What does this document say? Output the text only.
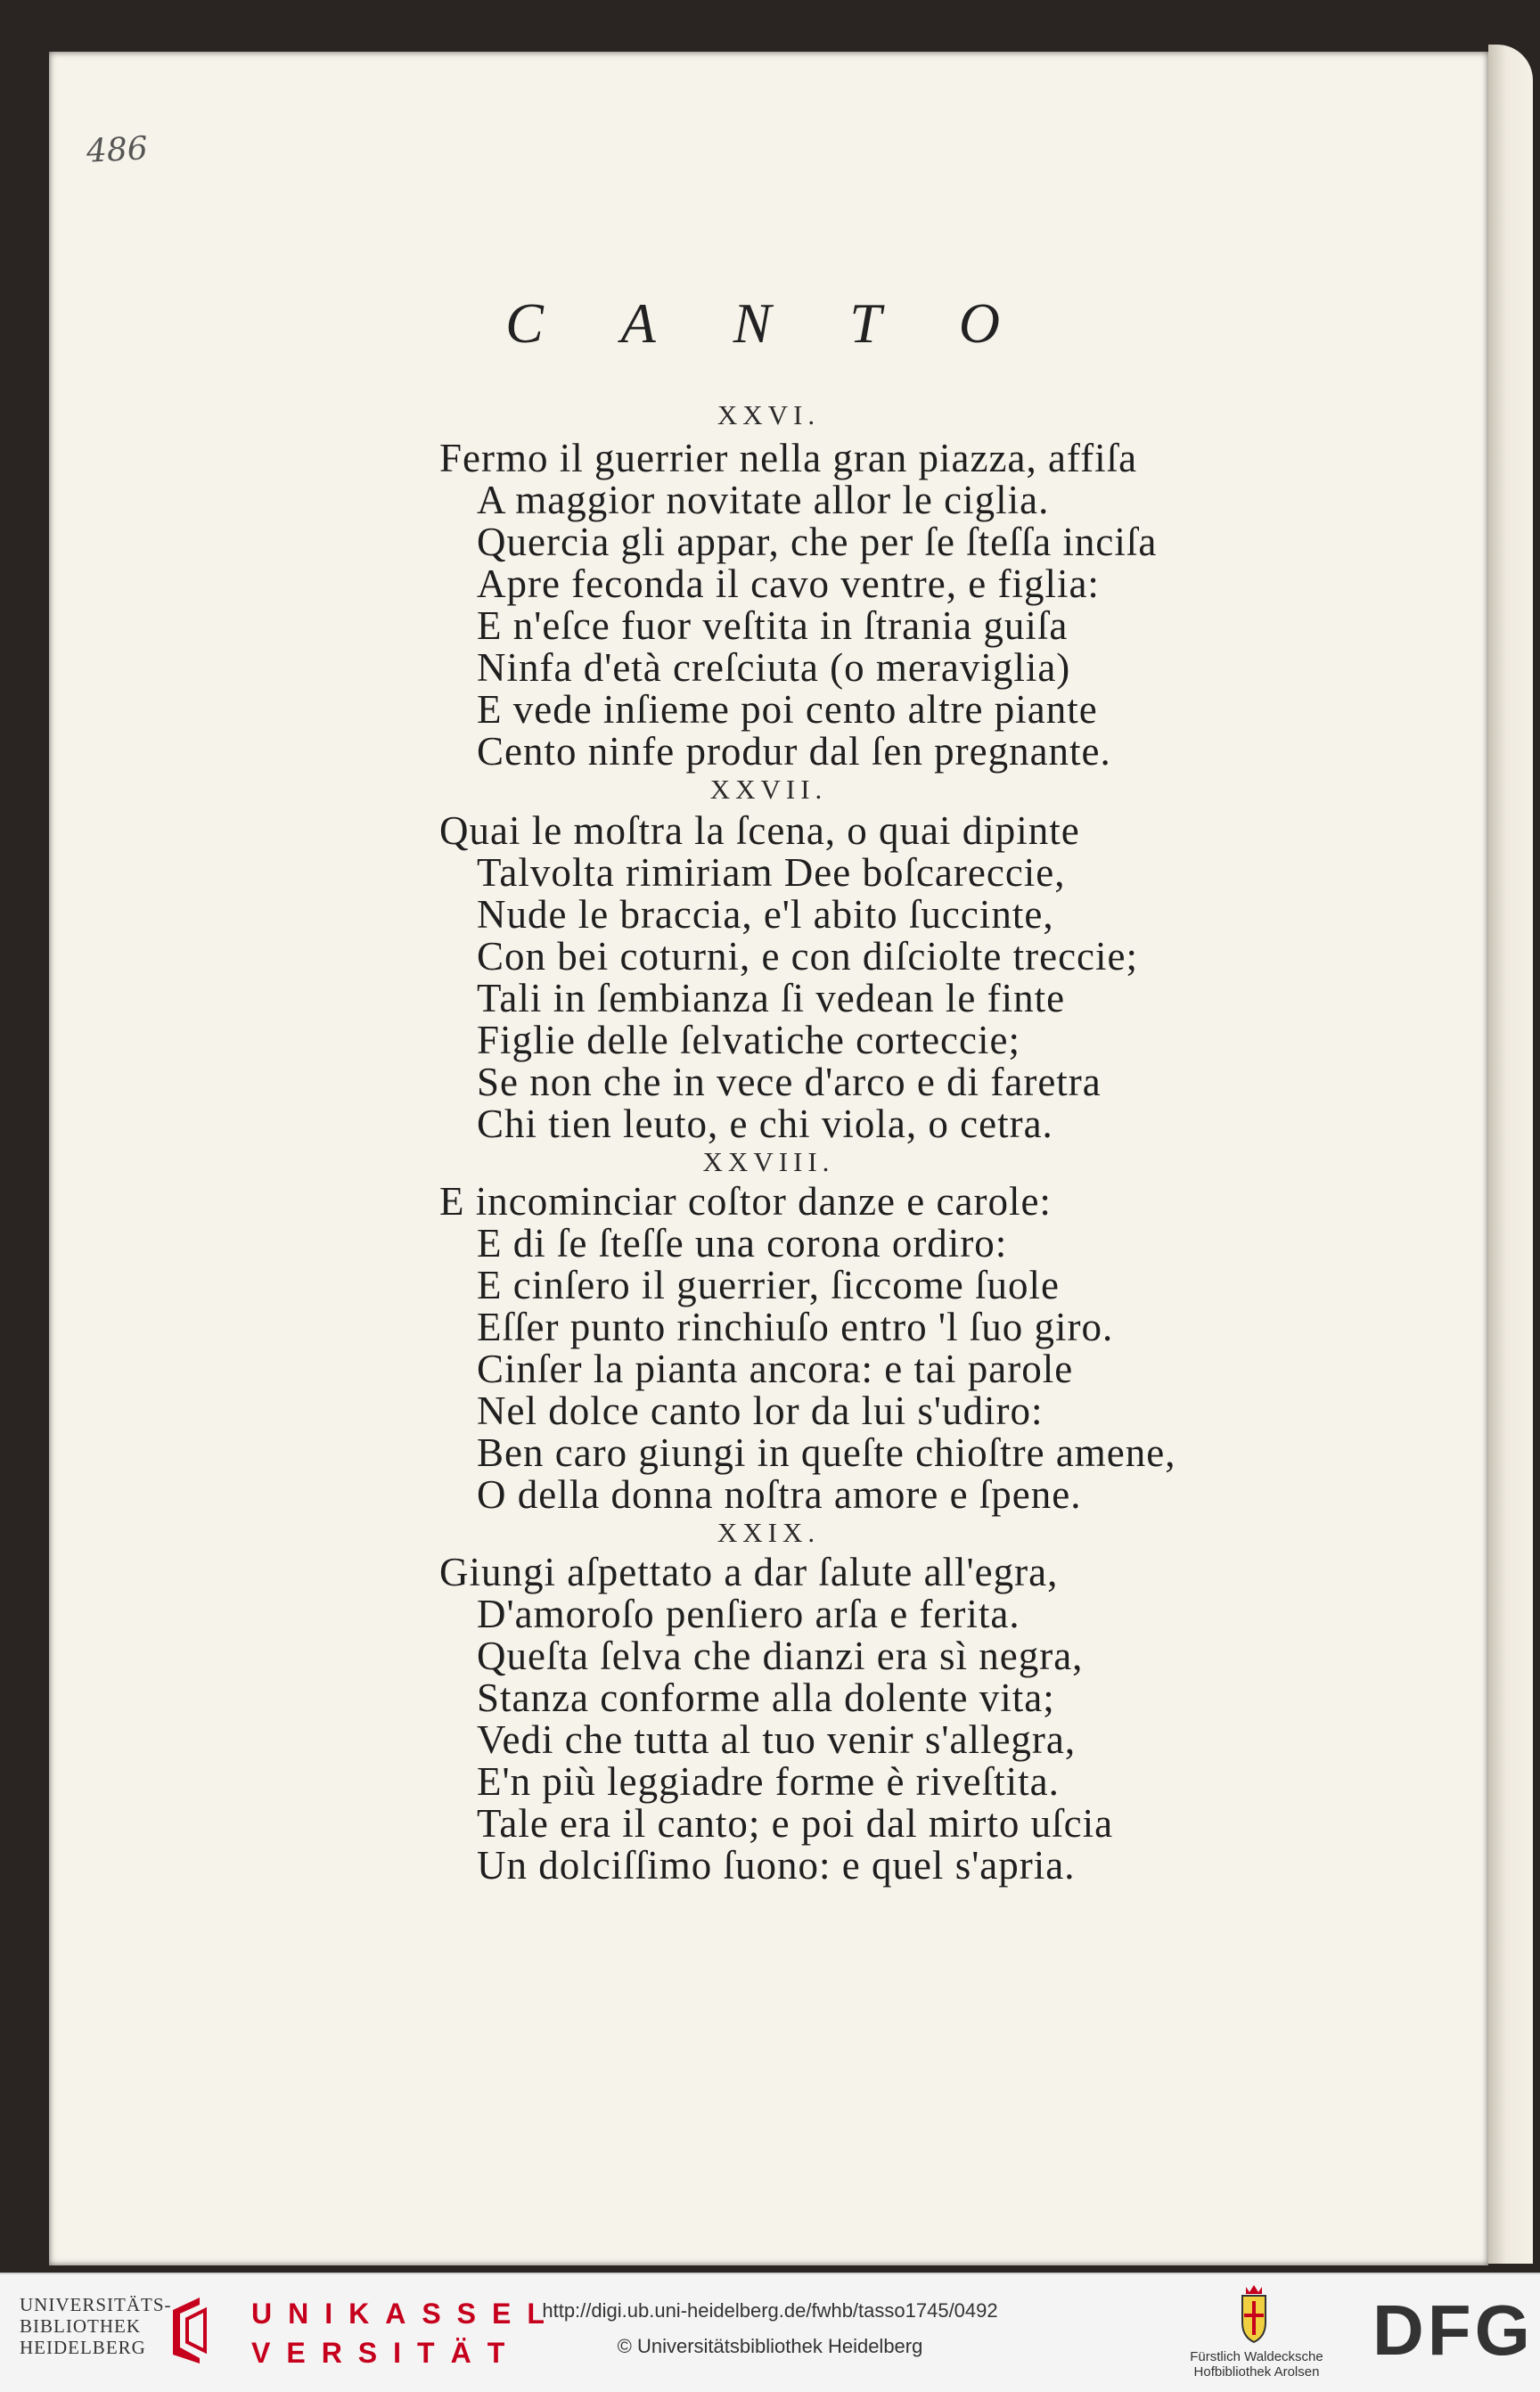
486
C A N T O
XXVI.
Fermo il guerrier nella gran piazza, affiſa
A maggior novitate allor le ciglia.
Quercia gli appar, che per ſe ſteſſa inciſa
Apre feconda il cavo ventre, e figlia:
E n'eſce fuor veſtita in ſtrania guiſa
Ninfa d'età creſciuta (o meraviglia)
E vede inſieme poi cento altre piante
Cento ninfe produr dal ſen pregnante.
XXVII.
Quai le moſtra la ſcena, o quai dipinte
Talvolta rimiriam Dee boſcareccie,
Nude le braccia, e'l abito ſuccinte,
Con bei coturni, e con diſciolte treccie;
Tali in ſembianza ſi vedean le finte
Figlie delle ſelvatiche corteccie;
Se non che in vece d'arco e di faretra
Chi tien leuto, e chi viola, o cetra.
XXVIII.
E incominciar coſtor danze e carole:
E di ſe ſteſſe una corona ordiro:
E cinſero il guerrier, ſiccome ſuole
Eſſer punto rinchiuſo entro 'l ſuo giro.
Cinſer la pianta ancora: e tai parole
Nel dolce canto lor da lui s'udiro:
Ben caro giungi in queſte chioſtre amene,
O della donna noſtra amore e ſpene.
XXIX.
Giungi aſpettato a dar ſalute all'egra,
D'amoroſo penſiero arſa e ferita.
Queſta ſelva che dianzi era sì negra,
Stanza conforme alla dolente vita;
Vedi che tutta al tuo venir s'allegra,
E'n più leggiadre forme è riveſtita.
Tale era il canto; e poi dal mirto uſcia
Un dolciſſimo ſuono: e quel s'apria.
UNIVERSITÄTS-
BIBLIOTHEK
HEIDELBERG
UNIKASSEL
VERSITÄT
http://digi.ub.uni-heidelberg.de/fwhb/tasso1745/0492
© Universitätsbibliothek Heidelberg	Fürstlich Waldecksche
Hofbibliothek Arolsen
DFG
